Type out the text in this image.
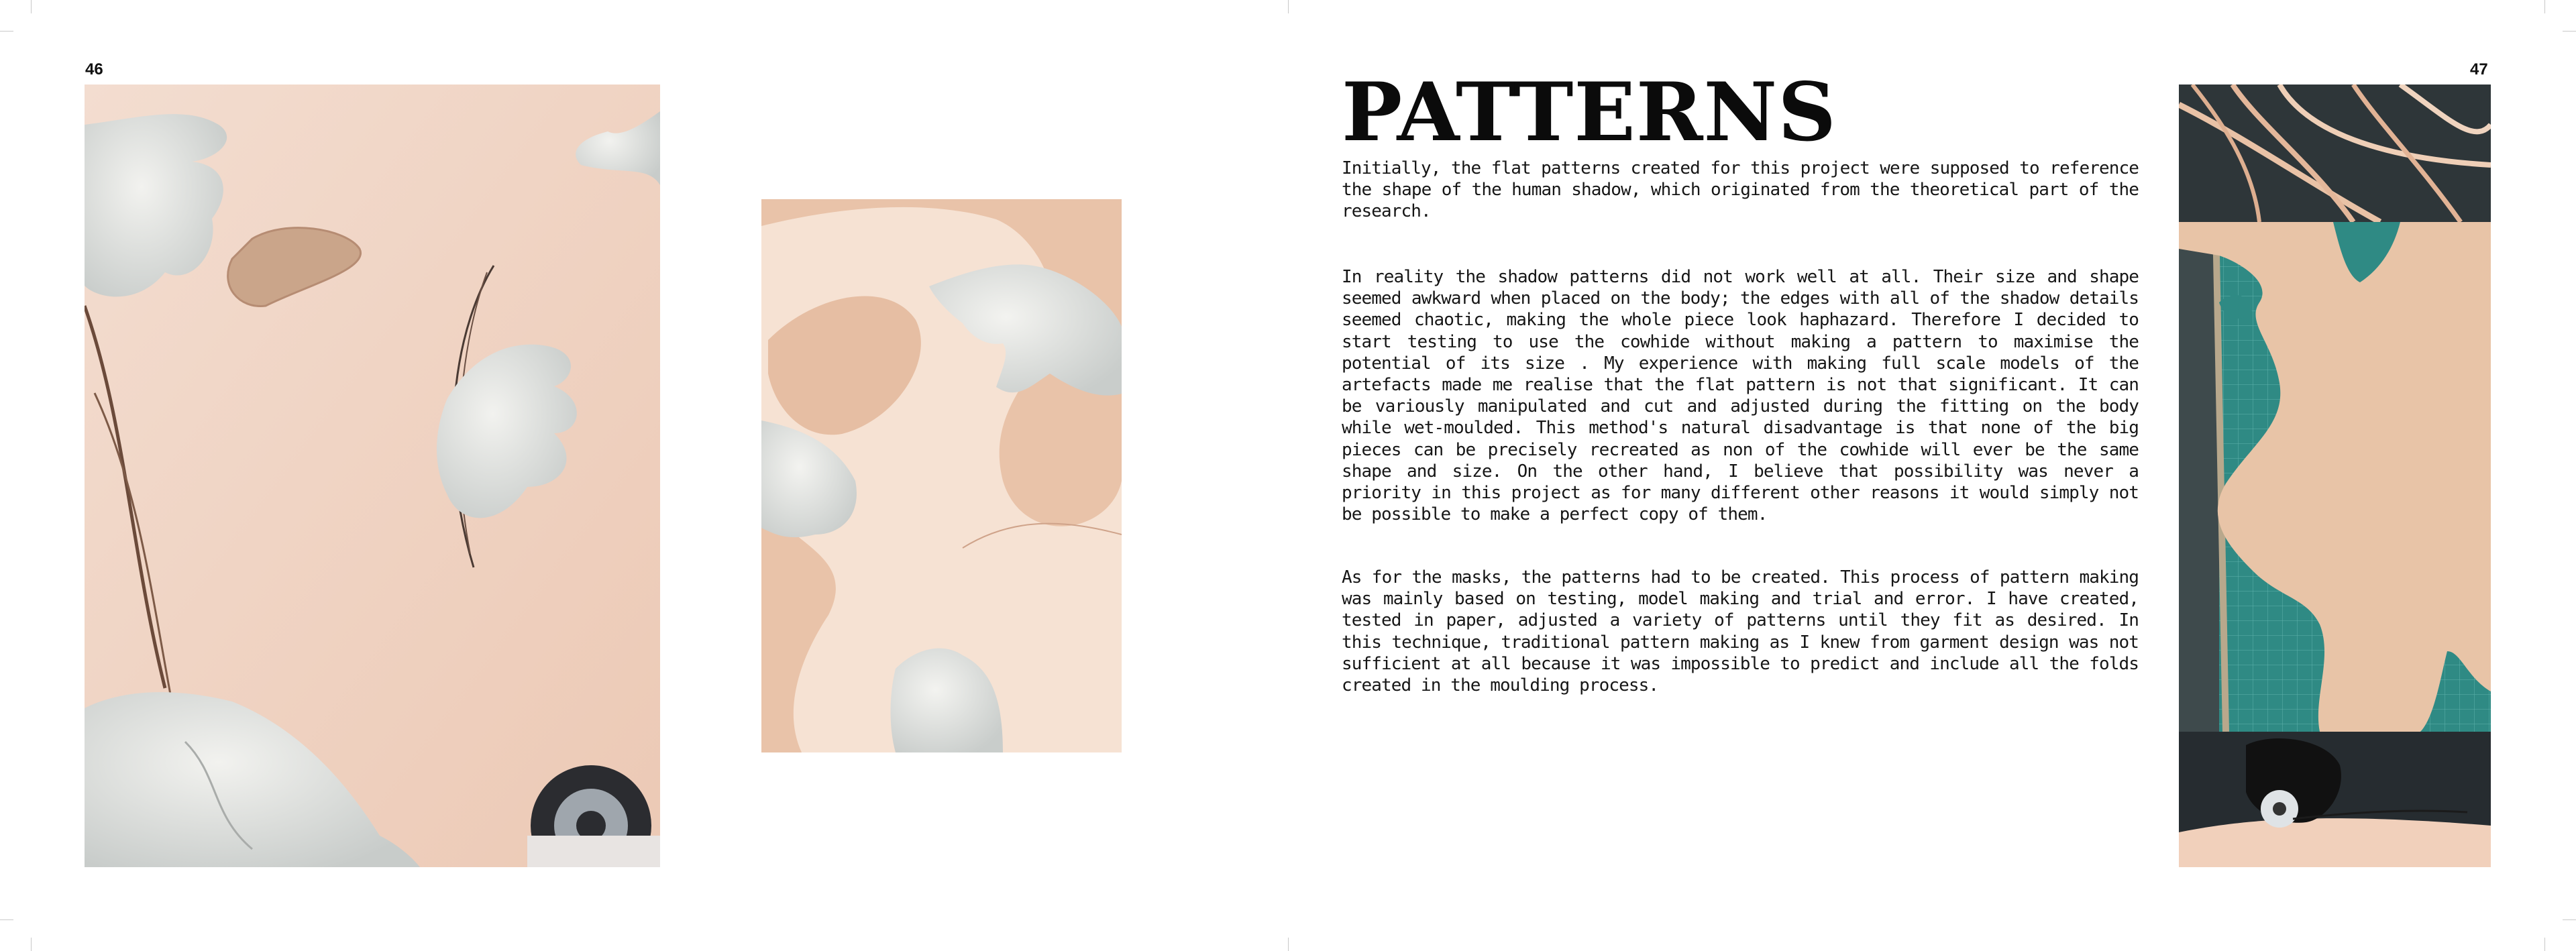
46	47
PATTERNS
Initially, the flat patterns created for this project were supposed to reference the shape of the human shadow, which originated from the theoretical part of the research.
In reality the shadow patterns did not work well at all. Their size and shape seemed awkward when placed on the body; the edges with all of the shadow details seemed chaotic, making the whole piece look haphazard. Therefore I decided to start testing to use the cowhide without making a pattern to maximise the potential of its size . My experience with making full scale models of the artefacts made me realise that the flat pattern is not that significant. It can be variously manipulated and cut and adjusted during the fitting on the body while wet-moulded. This method's natural disadvantage is that none of the big pieces can be precisely recreated as non of the cowhide will ever be the same shape and size. On the other hand, I believe that possibility was never a priority in this project as for many different other reasons it would simply not be possible to make a perfect copy of them.
As for the masks, the patterns had to be created. This process of pattern making was mainly based on testing, model making and trial and error. I have created, tested in paper, adjusted a variety of patterns until they fit as desired. In this technique, traditional pattern making as I knew from garment design was not sufficient at all because it was impossible to predict and include all the folds created in the moulding process.
